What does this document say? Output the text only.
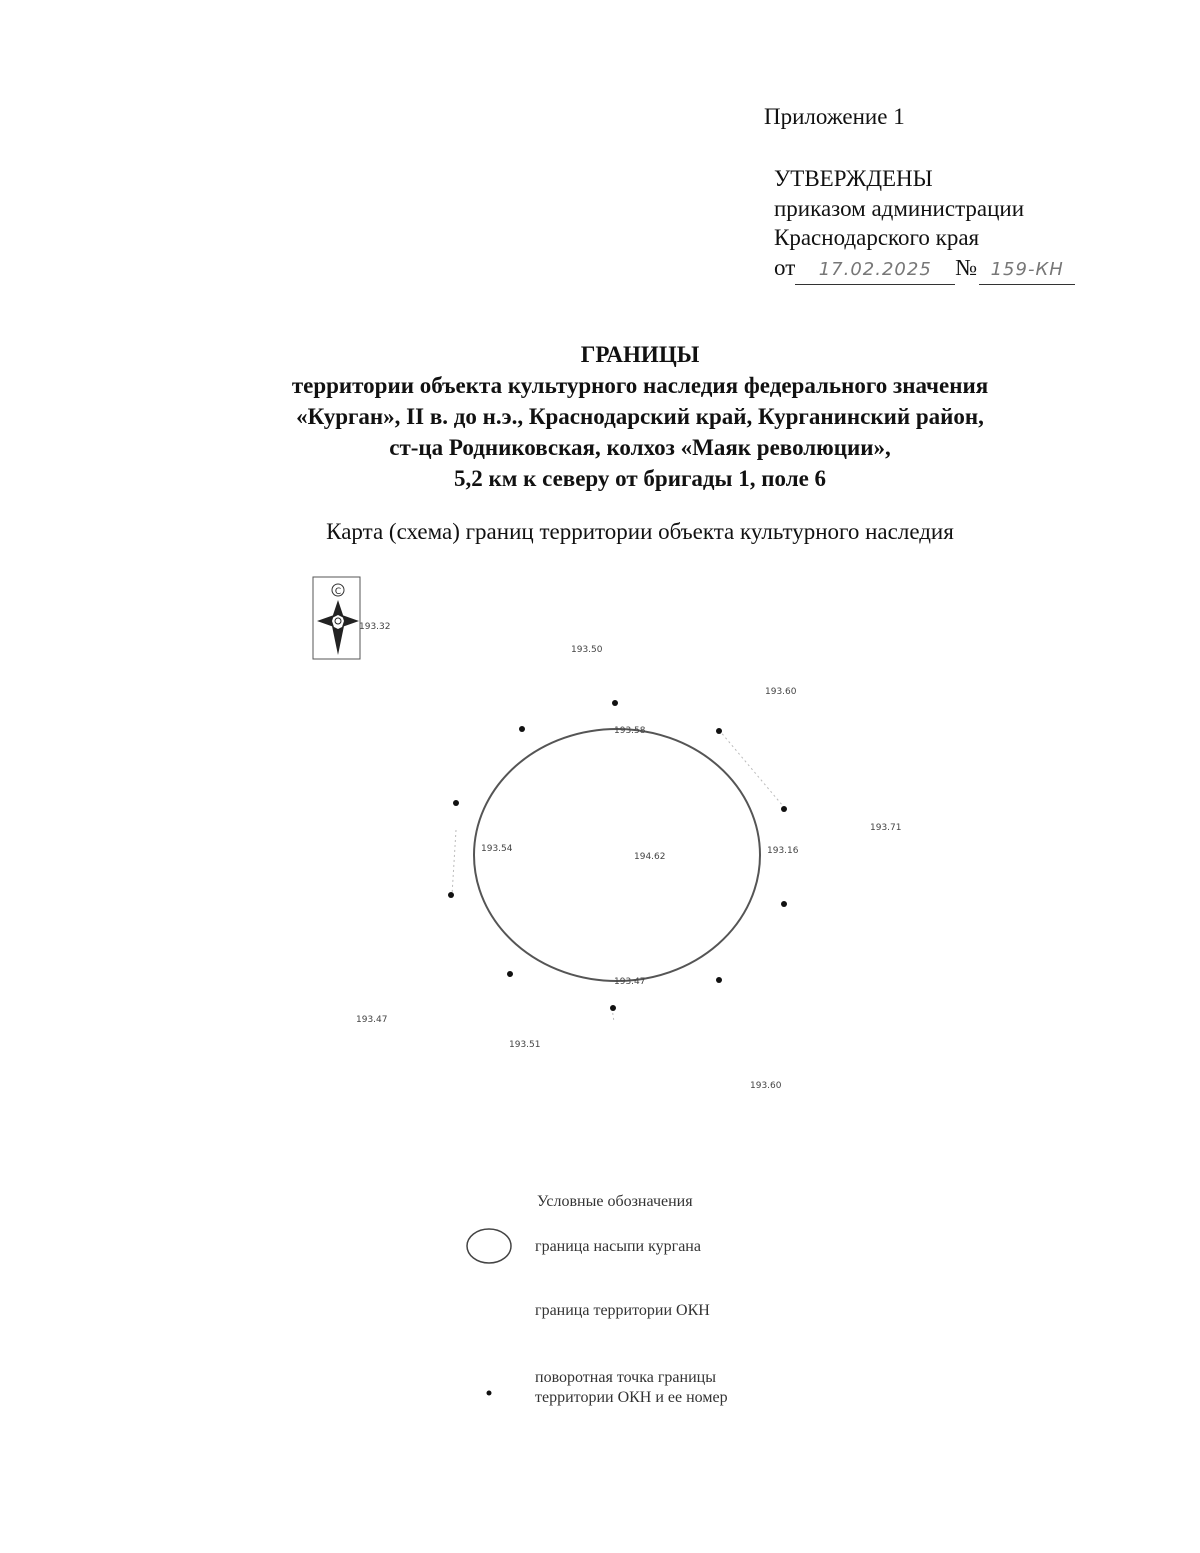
Приложение 1
УТВЕРЖДЕНЫ
приказом администрации
Краснодарского края
от 17.02.2025 № 159-КН
ГРАНИЦЫ
территории объекта культурного наследия федерального значения
«Курган», II в. до н.э., Краснодарский край, Курганинский район,
ст-ца Родниковская, колхоз «Маяк революции»,
5,2 км к северу от бригады 1, поле 6
Карта (схема) границ территории объекта культурного наследия
С
193.32
193.50
193.60
193.58
193.54
194.62
193.16
193.71
193.47
193.47
193.51
193.60
Условные обозначения
граница насыпи кургана
граница территории ОКН
поворотная точка границы
территории ОКН и ее номер
